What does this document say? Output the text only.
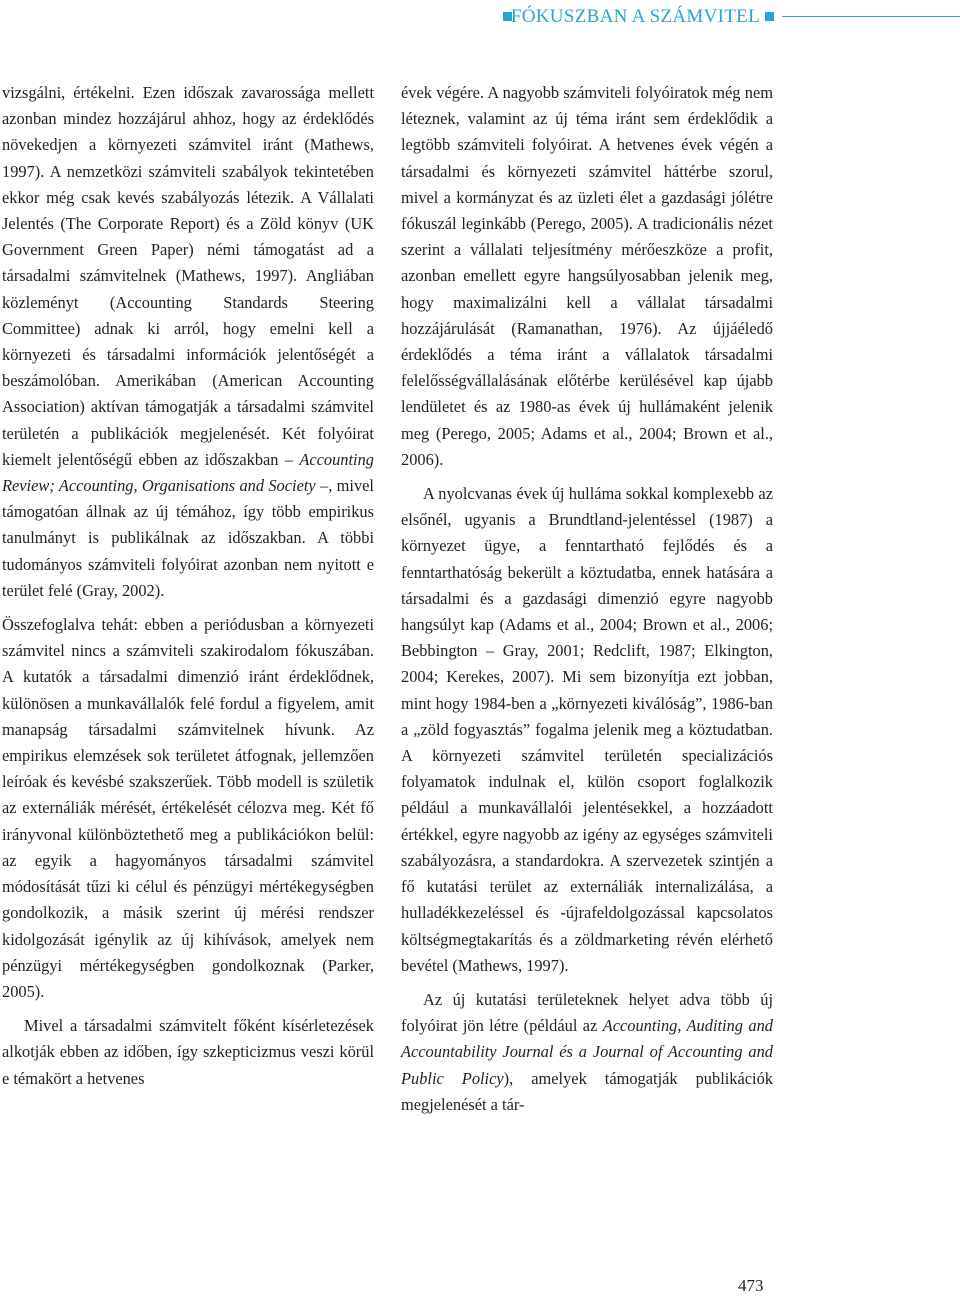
FÓKUSZBAN A SZÁMVITEL

vizsgálni, értékelni. Ezen időszak zavarossága mellett azonban mindez hozzájárul ahhoz, hogy az érdeklődés növekedjen a környezeti számvitel iránt (Mathews, 1997). A nemzetközi számviteli szabályok tekintetében ekkor még csak kevés szabályozás létezik. A Vállalati Jelentés (The Corporate Report) és a Zöld könyv (UK Government Green Paper) némi támogatást ad a társadalmi számvitelnek (Mathews, 1997). Angliában közleményt (Accounting Standards Steering Committee) adnak ki arról, hogy emelni kell a környezeti és társadalmi információk jelentőségét a beszámolóban. Amerikában (American Accounting Association) aktívan támogatják a társadalmi számvitel területén a publikációk megjelenését. Két folyóirat kiemelt jelentőségű ebben az időszakban – Accounting Review; Accounting, Organisations and Society –, mivel támogatóan állnak az új témához, így több empirikus tanulmányt is publikálnak az időszakban. A többi tudományos számviteli folyóirat azonban nem nyitott e terület felé (Gray, 2002).

Összefoglalva tehát: ebben a periódusban a környezeti számvitel nincs a számviteli szakirodalom fókuszában. A kutatók a társadalmi dimenzió iránt érdeklődnek, különösen a munkavállalók felé fordul a figyelem, amit manapság társadalmi számvitelnek hívunk. Az empirikus elemzések sok területet átfognak, jellemzően leíróak és kevésbé szakszerűek. Több modell is születik az externáliák mérését, értékelését célozva meg. Két fő irányvonal különböztethető meg a publikációkon belül: az egyik a hagyományos társadalmi számvitel módosítását tűzi ki célul és pénzügyi mértékegységben gondolkozik, a másik szerint új mérési rendszer kidolgozását igénylik az új kihívások, amelyek nem pénzügyi mértékegységben gondolkoznak (Parker, 2005).

Mivel a társadalmi számvitelt főként kísérletezések alkotják ebben az időben, így szkepticizmus veszi körül e témakört a hetvenes

évek végére. A nagyobb számviteli folyóiratok még nem léteznek, valamint az új téma iránt sem érdeklődik a legtöbb számviteli folyóirat. A hetvenes évek végén a társadalmi és környezeti számvitel háttérbe szorul, mivel a kormányzat és az üzleti élet a gazdasági jólétre fókuszál leginkább (Perego, 2005). A tradicionális nézet szerint a vállalati teljesítmény mérőeszköze a profit, azonban emellett egyre hangsúlyosabban jelenik meg, hogy maximalizálni kell a vállalat társadalmi hozzájárulását (Ramanathan, 1976). Az újjáéledő érdeklődés a téma iránt a vállalatok társadalmi felelősségvállalásának előtérbe kerülésével kap újabb lendületet és az 1980-as évek új hullámaként jelenik meg (Perego, 2005; Adams et al., 2004; Brown et al., 2006).

A nyolcvanas évek új hulláma sokkal komplexebb az elsőnél, ugyanis a Brundtland-jelentéssel (1987) a környezet ügye, a fenntartható fejlődés és a fenntarthatóság bekerült a köztudatba, ennek hatására a társadalmi és a gazdasági dimenzió egyre nagyobb hangsúlyt kap (Adams et al., 2004; Brown et al., 2006; Bebbington – Gray, 2001; Redclift, 1987; Elkington, 2004; Kerekes, 2007). Mi sem bizonyítja ezt jobban, mint hogy 1984-ben a „környezeti kiválóság”, 1986-ban a „zöld fogyasztás” fogalma jelenik meg a köztudatban. A környezeti számvitel területén specializációs folyamatok indulnak el, külön csoport foglalkozik például a munkavállalói jelentésekkel, a hozzáadott értékkel, egyre nagyobb az igény az egységes számviteli szabályozásra, a standardokra. A szervezetek szintjén a fő kutatási terület az externáliák internalizálása, a hulladékkezeléssel és -újrafeldolgozással kapcsolatos költségmegtakarítás és a zöldmarketing révén elérhető bevétel (Mathews, 1997).

Az új kutatási területeknek helyet adva több új folyóirat jön létre (például az Accounting, Auditing and Accountability Journal és a Journal of Accounting and Public Policy), amelyek támogatják publikációk megjelenését a tár-

473
